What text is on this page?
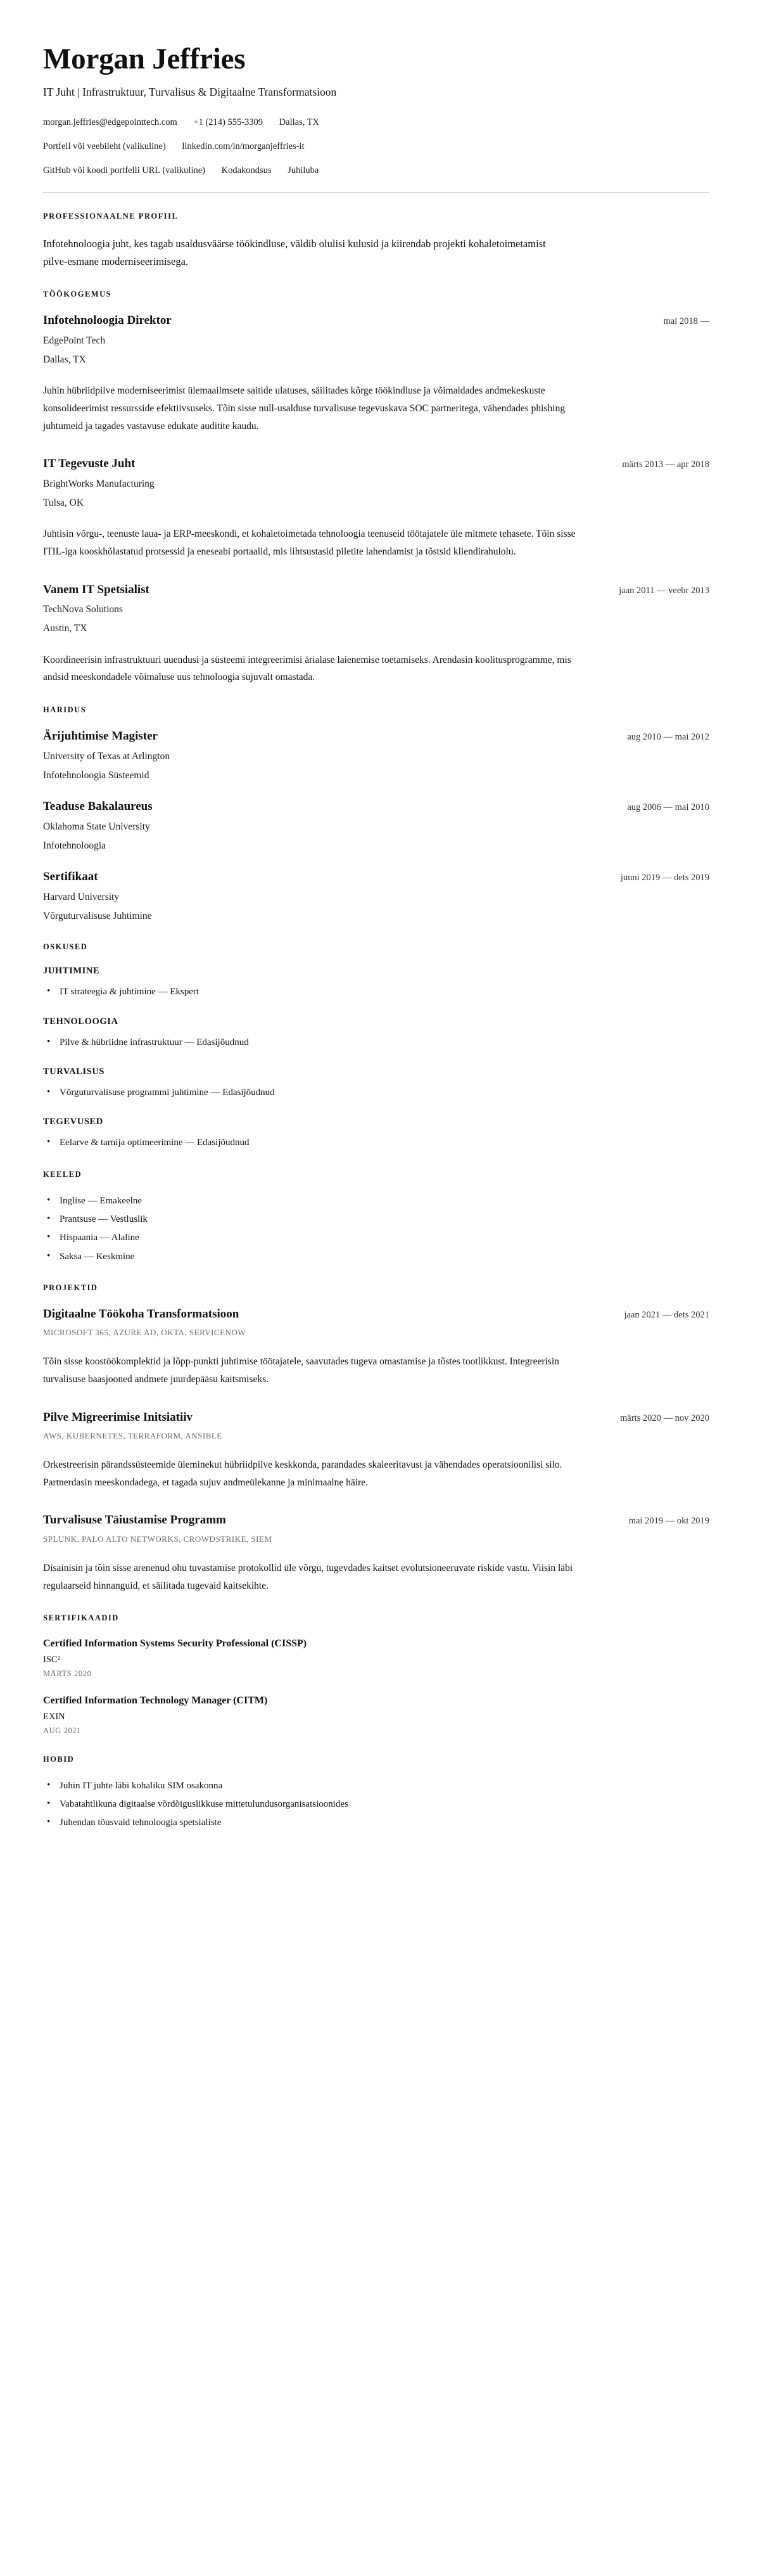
Morgan Jeffries
IT Juht | Infrastruktuur, Turvalisus & Digitaalne Transformatsioon
morgan.jeffries@edgepointtech.com +1 (214) 555-3309 Dallas, TX
Portfell või veebileht (valikuline) linkedin.com/in/morganjeffries-it
GitHub või koodi portfelli URL (valikuline) Kodakondsus Juhiluba
PROFESSIONAALNE PROFIIL

Infotehnoloogia juht, kes tagab usaldusväärse töökindluse, väldib olulisi kulusid ja kiirendab projekti kohaletoimetamist pilve-esmane moderniseerimisega.

TÖÖKOGEMUS
Infotehnoloogia Direktor	mai 2018 —
EdgePoint Tech
Dallas, TX

Juhin hübriidpilve moderniseerimist ülemaailmsete saitide ulatuses, säilitades kõrge töökindluse ja võimaldades andmekeskuste konsolideerimist ressursside efektiivsuseks. Tõin sisse null-usalduse turvalisuse tegevuskava SOC partneritega, vähendades phishing juhtumeid ja tagades vastavuse edukate auditite kaudu.

IT Tegevuste Juht	märts 2013 — apr 2018
BrightWorks Manufacturing
Tulsa, OK

Juhtisin võrgu-, teenuste laua- ja ERP-meeskondi, et kohaletoimetada tehnoloogia teenuseid töötajatele üle mitmete tehasete. Tõin sisse ITIL-iga kooskhõlastatud protsessid ja eneseabi portaalid, mis lihtsustasid piletite lahendamist ja tõstsid kliendirahulolu.

Vanem IT Spetsialist	jaan 2011 — veebr 2013
TechNova Solutions
Austin, TX

Koordineerisin infrastruktuuri uuendusi ja süsteemi integreerimisi ärialase laienemise toetamiseks. Arendasin koolitusprogramme, mis andsid meeskondadele võimaluse uus tehnoloogia sujuvalt omastada.

HARIDUS
Ärijuhtimise Magister	aug 2010 — mai 2012
University of Texas at Arlington
Infotehnoloogia Süsteemid
Teaduse Bakalaureus	aug 2006 — mai 2010
Oklahoma State University
Infotehnoloogia
Sertifikaat	juuni 2019 — dets 2019
Harvard University
Võrguturvalisuse Juhtimine
OSKUSED
JUHTIMINE
• IT strateegia & juhtimine — Ekspert
TEHNOLOOGIA
• Pilve & hübriidne infrastruktuur — Edasijõudnud
TURVALISUS
• Võrguturvalisuse programmi juhtimine — Edasijõudnud
TEGEVUSED
• Eelarve & tarnija optimeerimine — Edasijõudnud
KEELED
• Inglise — Emakeelne
• Prantsuse — Vestluslik
• Hispaania — Alaline
• Saksa — Keskmine
PROJEKTID
Digitaalne Töökoha Transformatsioon	jaan 2021 — dets 2021
MICROSOFT 365, AZURE AD, OKTA, SERVICENOW

Tõin sisse koostöökomplektid ja lõpp-punkti juhtimise töötajatele, saavutades tugeva omastamise ja tõstes tootlikkust. Integreerisin turvalisuse baasjooned andmete juurdepääsu kaitsmiseks.

Pilve Migreerimise Initsiatiiv	märts 2020 — nov 2020
AWS, KUBERNETES, TERRAFORM, ANSIBLE

Orkestreerisin pärandssüsteemide üleminekut hübriidpilve keskkonda, parandades skaleeritavust ja vähendades operatsioonilisi silo. Partnerdasin meeskondadega, et tagada sujuv andmeülekanne ja minimaalne häire.

Turvalisuse Täiustamise Programm	mai 2019 — okt 2019
SPLUNK, PALO ALTO NETWORKS, CROWDSTRIKE, SIEM

Disainisin ja tõin sisse arenenud ohu tuvastamise protokollid üle võrgu, tugevdades kaitset evolutsioneeruvate riskide vastu. Viisin läbi regulaarseid hinnanguid, et säilitada tugevaid kaitsekihte.

SERTIFIKAADID
Certified Information Systems Security Professional (CISSP)
ISC²
MÄRTS 2020
Certified Information Technology Manager (CITM)
EXIN
AUG 2021
HOBID
• Juhin IT juhte läbi kohaliku SIM osakonna
• Vabatahtlikuna digitaalse võrdõiguslikkuse mittetulundusorganisatsioonides
• Juhendan tõusvaid tehnoloogia spetsialiste
